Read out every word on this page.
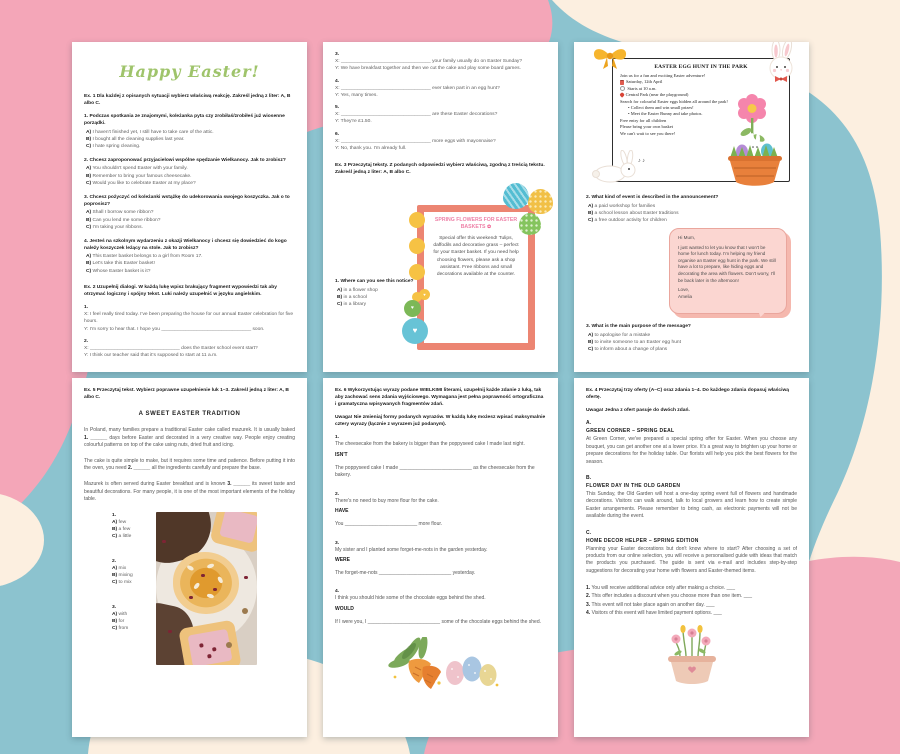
Happy Easter!
Ex. 1 Dla każdej z opisanych sytuacji wybierz właściwą reakcję. Zakreśl jedną z liter: A, B albo C.
1. Podczas spotkania ze znajomymi, koleżanka pyta czy zrobiłaś/zrobiłeś już wiosenne porządki.
A) I haven't finished yet, I still have to take care of the attic.
B) I bought all the cleaning supplies last year.
C) I hate spring cleaning.
2. Chcesz zaproponować przyjacielowi wspólne spędzanie Wielkanocy. Jak to zrobisz?
A) You shouldn't spend Easter with your family.
B) Remember to bring your famous cheesecake.
C) Would you like to celebrate Easter at my place?
3. Chcesz pożyczyć od koleżanki wstążkę do udekorowania swojego koszyczka. Jak o to poprosisz?
A) Shall I borrow some ribbon?
B) Can you lend me some ribbon?
C) I'm taking your ribbons.
4. Jesteś na szkolnym wydarzeniu z okazji Wielkanocy i chcesz się dowiedzieć do kogo należy koszyczek leżący na stole. Jak to zrobisz?
A) This Easter basket belongs to a girl from Room 17.
B) Let's take this Easter basket!
C) Whose Easter basket is it?
Ex. 2 Uzupełnij dialogi. W każdą lukę wpisz brakujący fragment wypowiedzi tak aby otrzymać logiczny i spójny tekst. Luki należy uzupełnić w języku angielskim.
1.
X: I feel really tired today. I've been preparing the house for our annual Easter celebration for five hours.
Y: I'm sorry to hear that. I hope you _________________________________ soon.
2.
X: _________________________________ does the Easter school event start?
Y: I think our teacher said that it's supposed to start at 11 a.m.
3.
X: _________________________________ your family usually do on Easter Sunday?
Y: We have breakfast together and then we cut the cake and play some board games.
4.
X: _________________________________ ever taken part in an egg hunt?
Y: Yes, many times.
5.
X: _________________________________ are these Easter decorations?
Y: They're £1.50.
6.
X: _________________________________ more eggs with mayonnaise?
Y: No, thank you. I'm already full.
Ex. 3 Przeczytaj teksty. Z podanych odpowiedzi wybierz właściwą, zgodną z treścią tekstu. Zakreśl jedną z liter: A, B albo C.
SPRING FLOWERS FOR EASTER BASKETS ✿
Special offer this weekend! Tulips, daffodils and decorative grass – perfect for your Easter basket. If you need help choosing flowers, please ask a shop assistant. Free ribbons and small decorations available at the counter.
♥
♥
♥
1. Where can you see this notice?
A) in a flower shop
B) in a school
C) in a library
EASTER EGG HUNT IN THE PARK
Join us for a fun and exciting Easter adventure!
Saturday, 12th April
Starts at 10 a.m.
Central Park (near the playground)
Search for colourful Easter eggs hidden all around the park!
• Collect them and win small prizes!
• Meet the Easter Bunny and take photos.
Free entry for all children
Please bring your own basket
We can't wait to see you there!
♪ ♪
2. What kind of event is described in the announcement?
A) a paid workshop for families
B) a school lesson about Easter traditions
C) a free outdoor activity for children

Hi Mum,

I just wanted to let you know that I won't be home for lunch today. I'm helping my friend organise an Easter egg hunt in the park. We still have a lot to prepare, like hiding eggs and decorating the area with flowers. Don't worry, I'll be back later in the afternoon!

Love,

Amelia

3. What is the main purpose of the message?
A) to apologise for a mistake
B) to invite someone to an Easter egg hunt
C) to inform about a change of plans
Ex. 5 Przeczytaj tekst. Wybierz poprawne uzupełnienie luk 1–3. Zakreśl jedną z liter: A, B albo C.
A SWEET EASTER TRADITION
In Poland, many families prepare a traditional Easter cake called mazurek. It is usually baked 1. ______ days before Easter and decorated in a very creative way. People enjoy creating colourful patterns on top of the cake using nuts, dried fruit and icing.
The cake is quite simple to make, but it requires some time and patience. Before putting it into the oven, you need 2. ______ all the ingredients carefully and prepare the base.
Mazurek is often served during Easter breakfast and is known 3. ______ its sweet taste and beautiful decorations. For many people, it is one of the most important elements of the holiday table.
1.
A) few
B) a few
C) a little
2.
A) mix
B) mixing
C) to mix
3.
A) with
B) for
C) from
Ex. 6 Wykorzystując wyrazy podane WIELKIMI literami, uzupełnij każde zdanie z luką, tak aby zachować sens zdania wyjściowego. Wymagana jest pełna poprawność ortograficzna i gramatyczna wpisywanych fragmentów zdań.
Uwaga! Nie zmieniaj formy podanych wyrazów. W każdą lukę możesz wpisać maksymalnie cztery wyrazy (łącznie z wyrazem już podanym).
1.
The cheesecake from the bakery is bigger than the poppyseed cake I made last night.
ISN'T
The poppyseed cake I made __________________________ as the cheesecake from the bakery.
2.
There's no need to buy more flour for the cake.
HAVE
You __________________________ more flour.
3.
My sister and I planted some forget-me-nots in the garden yesterday.
WERE
The forget-me-nots __________________________ yesterday.
4.
I think you should hide some of the chocolate eggs behind the shed.
WOULD
If I were you, I __________________________ some of the chocolate eggs behind the shed.
Ex. 4 Przeczytaj trzy oferty (A–C) oraz zdania 1–4. Do każdego zdania dopasuj właściwą ofertę.
Uwaga! Jedna z ofert pasuje do dwóch zdań.
A.
GREEN CORNER – SPRING DEAL
At Green Corner, we've prepared a special spring offer for Easter. When you choose any bouquet, you can get another one at a lower price. It's a great way to brighten up your home or prepare decorations for the holiday table. Our florists will help you pick the best flowers for the season.
B.
FLOWER DAY IN THE OLD GARDEN
This Sunday, the Old Garden will host a one-day spring event full of flowers and handmade decorations. Visitors can walk around, talk to local growers and learn how to create simple Easter arrangements. Please remember to bring cash, as electronic payments will not be available during the event.
C.
HOME DECOR HELPER – SPRING EDITION
Planning your Easter decorations but don't know where to start? After choosing a set of products from our online selection, you will receive a personalised guide with ideas that match the products you purchased. The guide is sent via e-mail and includes step-by-step suggestions for decorating your home with flowers and Easter-themed items.
1. You will receive additional advice only after making a choice. ___
2. This offer includes a discount when you choose more than one item. ___
3. This event will not take place again on another day. ___
4. Visitors of this event will have limited payment options. ___
